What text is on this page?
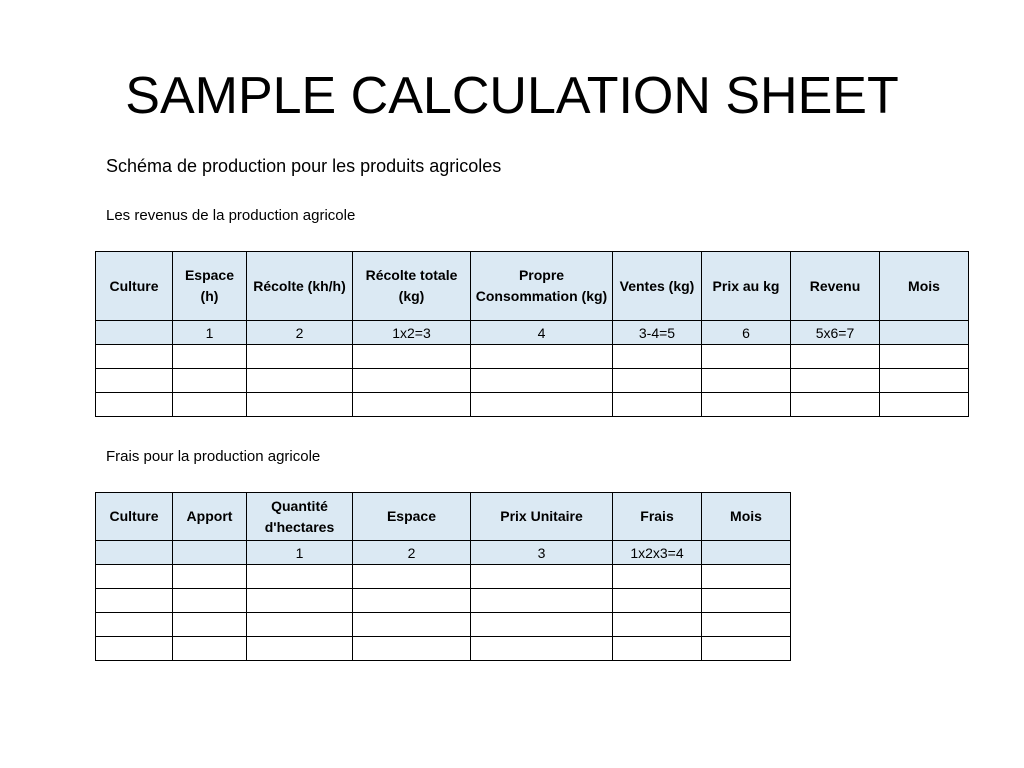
SAMPLE CALCULATION SHEET
Schéma de production pour les produits agricoles
Les revenus de la production agricole
Culture	Espace (h)	Récolte (kh/h)	Récolte totale (kg)	Propre Consommation (kg)	Ventes (kg)	Prix au kg	Revenu	Mois
	1	2	1x2=3	4	3-4=5	6	5x6=7	

Frais pour la production agricole
Culture	Apport	Quantité d'hectares	Espace	Prix Unitaire	Frais	Mois
		1	2	3	1x2x3=4	
